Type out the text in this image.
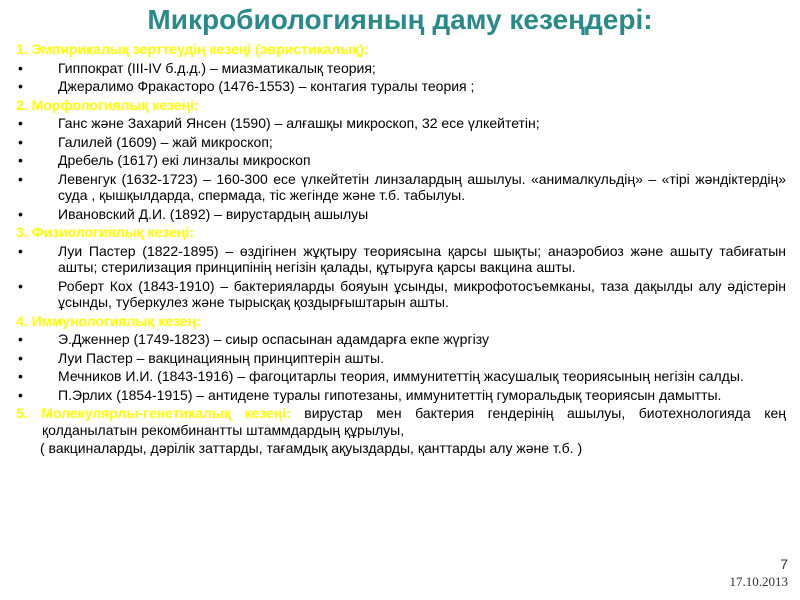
Микробиологияның даму кезеңдері:
1. Эмпирикалық зерттеудің кезеңі (эвристикалық):
•	Гиппократ (III-IV б.д.д.) – миазматикалық теория;
•	Джералимо Фракасторо (1476-1553) – контагия туралы теория ;
2. Морфологиялық кезеңі:
•	Ганс және Захарий Янсен (1590) – алғашқы микроскоп, 32 есе үлкейтетін;
•	Галилей (1609) – жай микроскоп;
•	Дребель (1617) екі линзалы микроскоп
•	Левенгук (1632-1723) – 160-300 есе үлкейтетін линзалардың ашылуы. «анималкульдің» – «тірі жәндіктердің» суда , қышқылдарда, спермада, тіс жегінде және т.б. табылуы.
•	Ивановский Д.И. (1892) – вирустардың ашылуы
3. Физиологиялық кезеңі:
•	Луи Пастер (1822-1895) – өздігінен жұқтыру теориясына қарсы шықты; анаэробиоз және ашыту табиғатын ашты; стерилизация принципінің негізін қалады, құтыруға қарсы вакцина ашты.
•	Роберт Кох (1843-1910) – бактерияларды бояуын ұсынды, микрофотосъемканы, таза дақылды алу әдістерін ұсынды, туберкулез және тырысқақ қоздырғыштарын ашты.
4. Иммунологиялық кезең:
•	Э.Дженнер (1749-1823) – сиыр оспасынан адамдарға екпе жүргізу
•	Луи Пастер – вакцинацияның принциптерін ашты.
•	Мечников И.И. (1843-1916) – фагоцитарлы теория, иммунитеттің жасушалық теориясының негізін салды.
•	П.Эрлих (1854-1915) – антидене туралы гипотезаны, иммунитеттің гуморальдық теориясын дамытты.
5. Молекулярлы-генетикалық кезеңі: вирустар мен бактерия гендерінің ашылуы, биотехнологияда кең қолданылатын рекомбинантты штаммдардың құрылуы,
( вакциналарды, дәрілік заттарды, тағамдық ақуыздарды, қанттарды алу және т.б. )
7
17.10.2013
